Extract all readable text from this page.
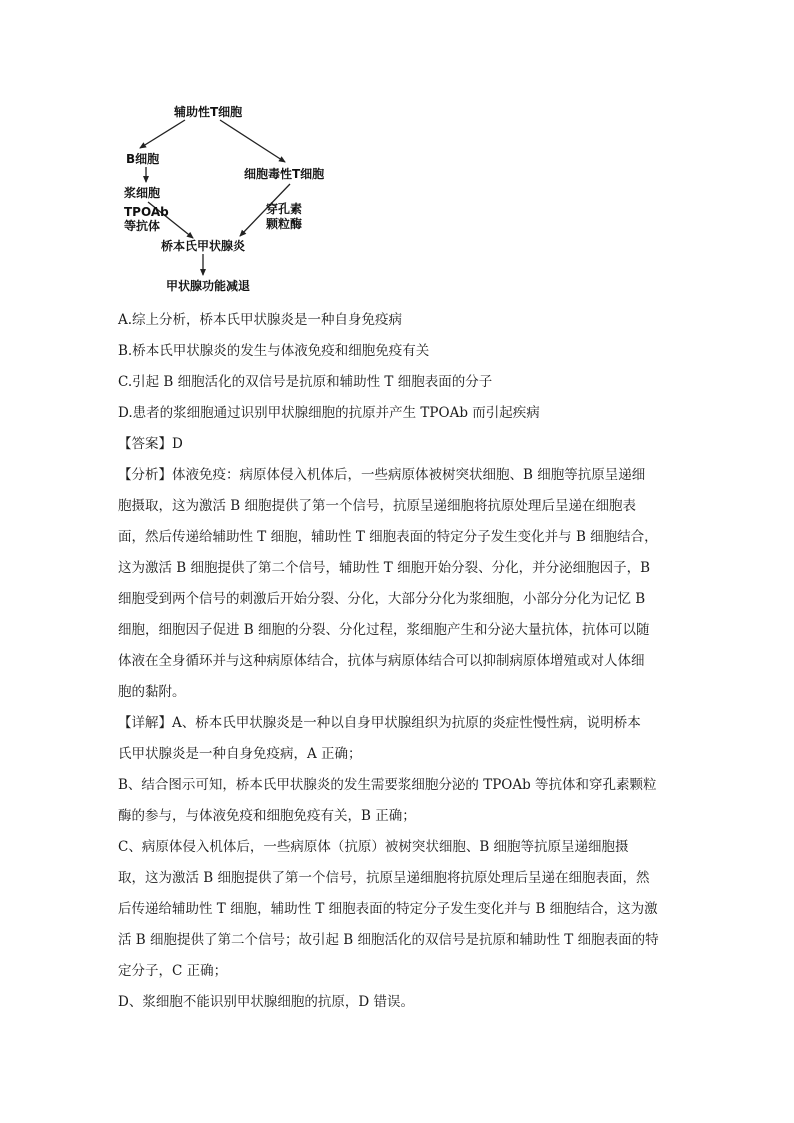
辅助性T细胞
B细胞
细胞毒性T细胞
浆细胞
TPOAb
等抗体
穿孔素
颗粒酶
桥本氏甲状腺炎
甲状腺功能减退
A.综上分析，桥本氏甲状腺炎是一种自身免疫病
B.桥本氏甲状腺炎的发生与体液免疫和细胞免疫有关
C.引起 B 细胞活化的双信号是抗原和辅助性 T 细胞表面的分子
D.患者的浆细胞通过识别甲状腺细胞的抗原并产生 TPOAb 而引起疾病
【答案】D
【分析】体液免疫：病原体侵入机体后，一些病原体被树突状细胞、B 细胞等抗原呈递细
胞摄取，这为激活 B 细胞提供了第一个信号，抗原呈递细胞将抗原处理后呈递在细胞表
面，然后传递给辅助性 T 细胞，辅助性 T 细胞表面的特定分子发生变化并与 B 细胞结合，
这为激活 B 细胞提供了第二个信号，辅助性 T 细胞开始分裂、分化，并分泌细胞因子，B
细胞受到两个信号的刺激后开始分裂、分化，大部分分化为浆细胞，小部分分化为记忆 B
细胞，细胞因子促进 B 细胞的分裂、分化过程，浆细胞产生和分泌大量抗体，抗体可以随
体液在全身循环并与这种病原体结合，抗体与病原体结合可以抑制病原体增殖或对人体细
胞的黏附。
【详解】A、桥本氏甲状腺炎是一种以自身甲状腺组织为抗原的炎症性慢性病，说明桥本
氏甲状腺炎是一种自身免疫病，A 正确；
B、结合图示可知，桥本氏甲状腺炎的发生需要浆细胞分泌的 TPOAb 等抗体和穿孔素颗粒
酶的参与，与体液免疫和细胞免疫有关，B 正确；
C、病原体侵入机体后，一些病原体（抗原）被树突状细胞、B 细胞等抗原呈递细胞摄
取，这为激活 B 细胞提供了第一个信号，抗原呈递细胞将抗原处理后呈递在细胞表面，然
后传递给辅助性 T 细胞，辅助性 T 细胞表面的特定分子发生变化并与 B 细胞结合，这为激
活 B 细胞提供了第二个信号；故引起 B 细胞活化的双信号是抗原和辅助性 T 细胞表面的特
定分子，C 正确；
D、浆细胞不能识别甲状腺细胞的抗原，D 错误。
